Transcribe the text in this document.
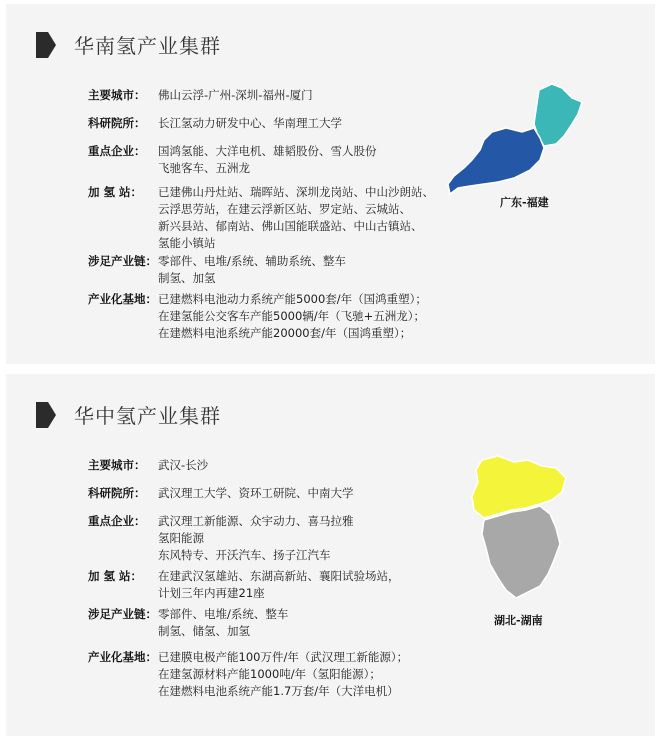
华南氢产业集群
主要城市：	佛山云浮-广州-深圳-福州-厦门
科研院所：	长江氢动力研发中心、华南理工大学
重点企业：	国鸿氢能、大洋电机、雄韬股份、雪人股份
飞驰客车、五洲龙
加 氢 站：	已建佛山丹灶站、瑞晖站、深圳龙岗站、中山沙朗站、
云浮思劳站，在建云浮新区站、罗定站、云城站、
新兴县站、郁南站、佛山国能联盛站、中山古镇站、
氢能小镇站
涉足产业链： 零部件、电堆/系统、辅助系统、整车
制氢、加氢
产业化基地： 已建燃料电池动力系统产能5000套/年（国鸿重塑）；
在建氢能公交客车产能5000辆/年（飞驰+五洲龙）；
在建燃料电池系统产能20000套/年（国鸿重塑）；
广东-福建
华中氢产业集群
主要城市：	武汉-长沙
科研院所：	武汉理工大学、资环工研院、中南大学
重点企业：	武汉理工新能源、众宇动力、喜马拉雅
氢阳能源
东风特专、开沃汽车、扬子江汽车
加 氢 站：	在建武汉氢雄站、东湖高新站、襄阳试验场站，
计划三年内再建21座
涉足产业链： 零部件、电堆/系统、整车
制氢、储氢、加氢
产业化基地： 已建膜电极产能100万件/年（武汉理工新能源）；
在建氢源材料产能1000吨/年（氢阳能源）；
在建燃料电池系统产能1.7万套/年（大洋电机）
湖北-湖南
